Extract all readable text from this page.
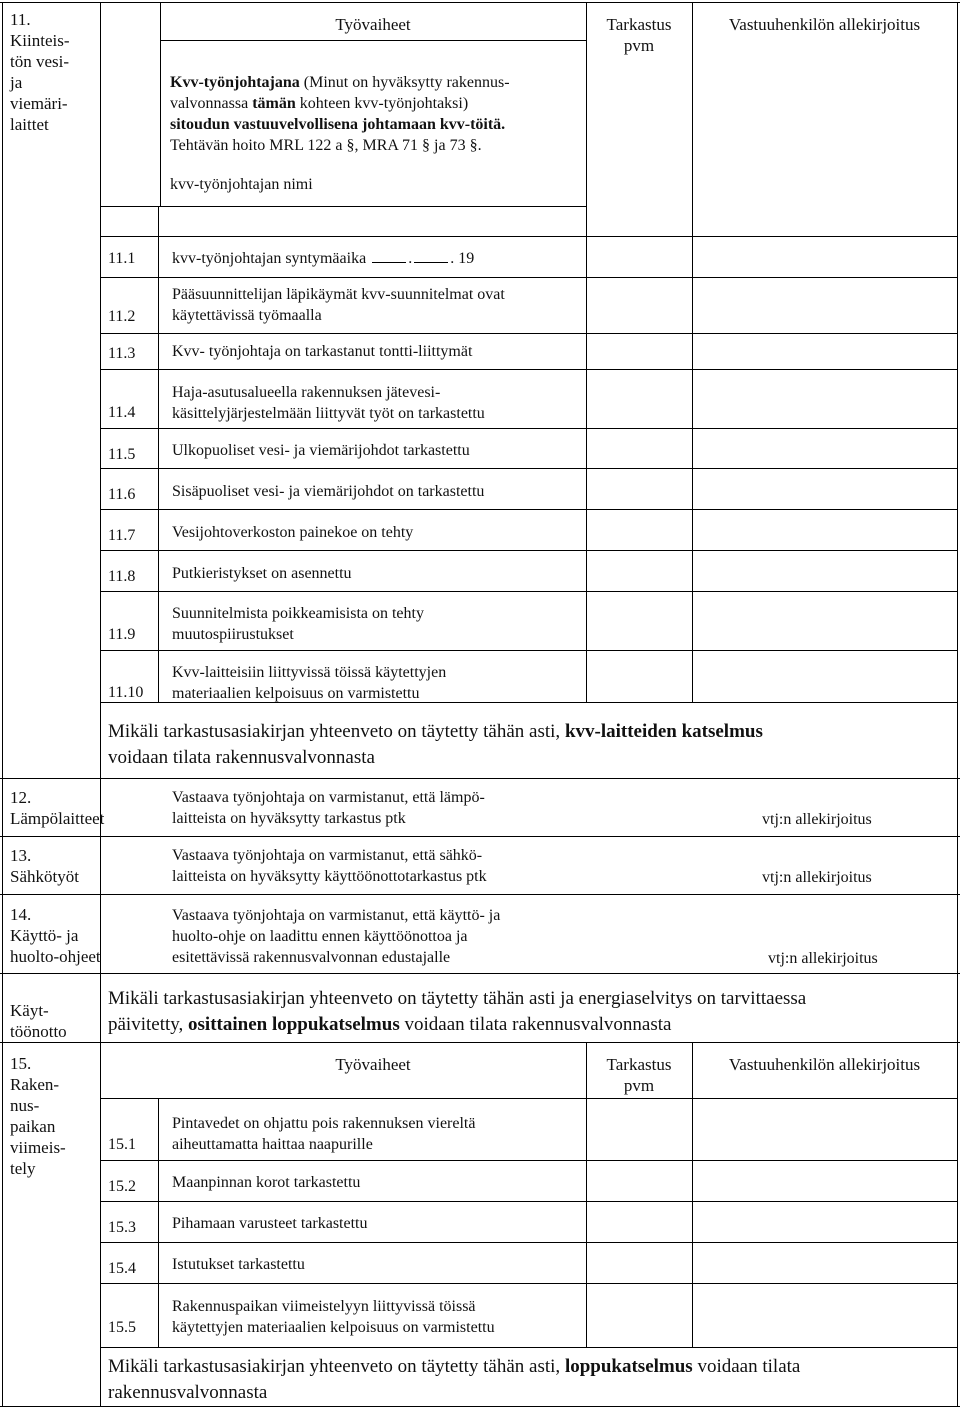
11.
Kiinteis-
tön vesi-
ja
viemäri-
laittet
Työvaiheet	Tarkastus
pvm
Vastuuhenkilön allekirjoitus
Kvv-työnjohtajana (Minut on hyväksytty rakennus-
valvonnassa tämän kohteen kvv-työnjohtaksi)
sitoudun vastuuvelvollisena johtamaan kvv-töitä.
Tehtävän hoito MRL 122 a §, MRA 71 § ja 73 §.
kvv-työnjohtajan nimi
11.1 kvv-työnjohtajan syntymäaika	. . 19
11.2
Pääsuunnittelijan läpikäymät kvv-suunnitelmat ovat
käytettävissä työmaalla
11.3 Kvv- työnjohtaja on tarkastanut tontti-liittymät
11.4
Haja-asutusalueella rakennuksen jätevesi-
käsittelyjärjestelmään liittyvät työt on tarkastettu
11.5 Ulkopuoliset vesi- ja viemärijohdot tarkastettu
11.6 Sisäpuoliset vesi- ja viemärijohdot on tarkastettu
11.7 Vesijohtoverkoston painekoe on tehty
11.8 Putkieristykset on asennettu
11.9
Suunnitelmista poikkeamisista on tehty
muutospiirustukset
11.10
Kvv-laitteisiin liittyvissä töissä käytettyjen
materiaalien kelpoisuus on varmistettu
Mikäli tarkastusasiakirjan yhteenveto on täytetty tähän asti, kvv-laitteiden katselmus
voidaan tilata rakennusvalvonnasta
12.
Lämpölaitteet
Vastaava työnjohtaja on varmistanut, että lämpö-
laitteista on hyväksytty tarkastus ptk	vtj:n allekirjoitus
13.
Sähkötyöt
Vastaava työnjohtaja on varmistanut, että sähkö-
laitteista on hyväksytty käyttöönottotarkastus ptk	vtj:n allekirjoitus
14.
Käyttö- ja
huolto-ohjeet
Vastaava työnjohtaja on varmistanut, että käyttö- ja
huolto-ohje on laadittu ennen käyttöönottoa ja
esitettävissä rakennusvalvonnan edustajalle	vtj:n allekirjoitus
Käyt-
töönotto
Mikäli tarkastusasiakirjan yhteenveto on täytetty tähän asti ja energiaselvitys on tarvittaessa
päivitetty, osittainen loppukatselmus voidaan tilata rakennusvalvonnasta
15.
Raken-
nus-
paikan
viimeis-
tely
Työvaiheet	Tarkastus
pvm
Vastuuhenkilön allekirjoitus
15.1
Pintavedet on ohjattu pois rakennuksen viereltä
aiheuttamatta haittaa naapurille
15.2 Maanpinnan korot tarkastettu
15.3 Pihamaan varusteet tarkastettu
15.4 Istutukset tarkastettu
15.5
Rakennuspaikan viimeistelyyn liittyvissä töissä
käytettyjen materiaalien kelpoisuus on varmistettu
Mikäli tarkastusasiakirjan yhteenveto on täytetty tähän asti, loppukatselmus voidaan tilata
rakennusvalvonnasta
